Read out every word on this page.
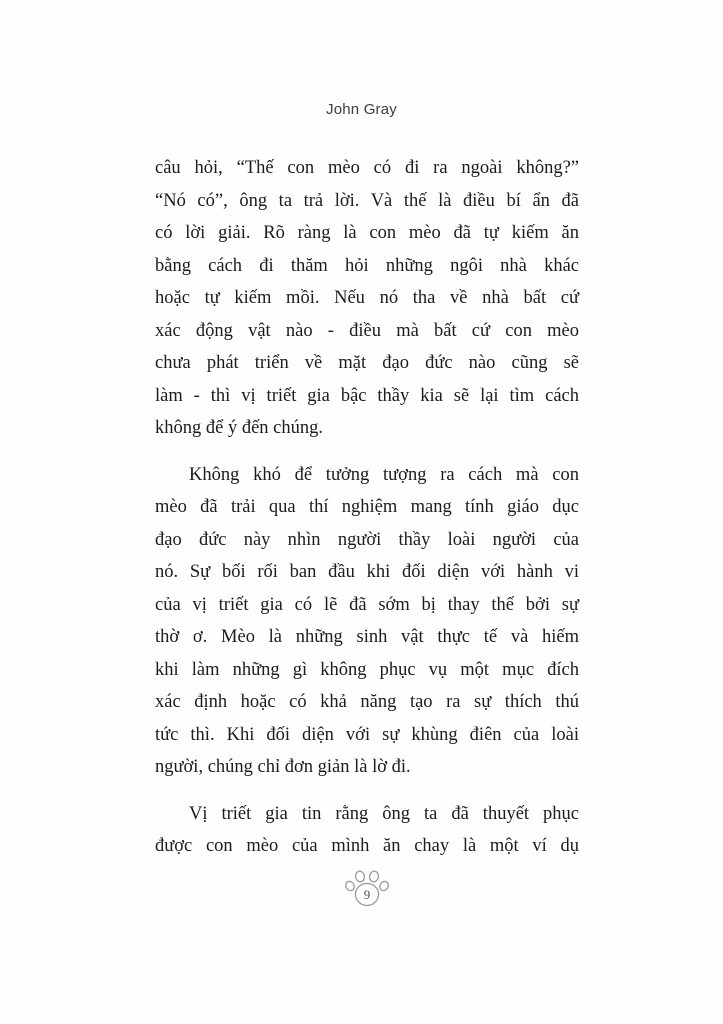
John Gray
câu hỏi, “Thế con mèo có đi ra ngoài không?”
“Nó có”, ông ta trả lời. Và thế là điều bí ẩn đã
có lời giải. Rõ ràng là con mèo đã tự kiếm ăn
bằng cách đi thăm hỏi những ngôi nhà khác
hoặc tự kiếm mồi. Nếu nó tha về nhà bất cứ
xác động vật nào - điều mà bất cứ con mèo
chưa phát triển về mặt đạo đức nào cũng sẽ
làm - thì vị triết gia bậc thầy kia sẽ lại tìm cách
không để ý đến chúng.
Không khó để tưởng tượng ra cách mà con
mèo đã trải qua thí nghiệm mang tính giáo dục
đạo đức này nhìn người thầy loài người của
nó. Sự bối rối ban đầu khi đối diện với hành vi
của vị triết gia có lẽ đã sớm bị thay thế bởi sự
thờ ơ. Mèo là những sinh vật thực tế và hiếm
khi làm những gì không phục vụ một mục đích
xác định hoặc có khả năng tạo ra sự thích thú
tức thì. Khi đối diện với sự khùng điên của loài
người, chúng chỉ đơn giản là lờ đi.
Vị triết gia tin rằng ông ta đã thuyết phục
được con mèo của mình ăn chay là một ví dụ
9
